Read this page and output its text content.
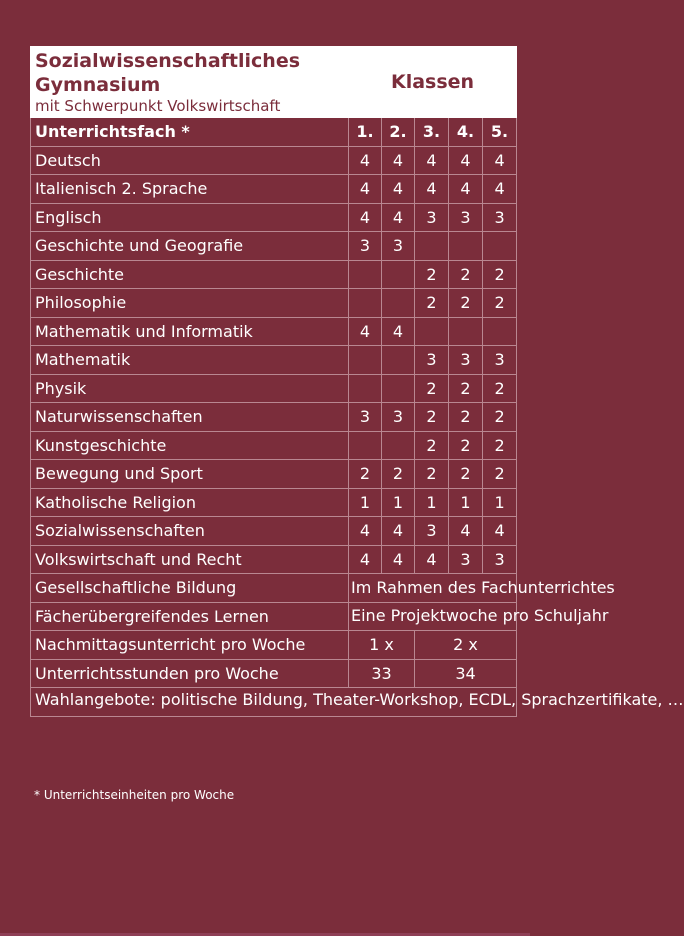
Sozialwissenschaftliches
Gymnasium
mit Schwerpunkt Volkswirtschaft	Klassen				
Unterrichtsfach *	1.	2.	3.	4.	5.
Deutsch	4	4	4	4	4
Italienisch 2. Sprache	4	4	4	4	4
Englisch	4	4	3	3	3
Geschichte und Geografie	3	3			
Geschichte			2	2	2
Philosophie			2	2	2
Mathematik und Informatik	4	4			
Mathematik			3	3	3
Physik			2	2	2
Naturwissenschaften	3	3	2	2	2
Kunstgeschichte			2	2	2
Bewegung und Sport	2	2	2	2	2
Katholische Religion	1	1	1	1	1
Sozialwissenschaften	4	4	3	4	4
Volkswirtschaft und Recht	4	4	4	3	3
Gesellschaftliche Bildung	Im Rahmen des Fachunterrichtes				
Fächerübergreifendes Lernen	Eine Projektwoche pro Schuljahr				
Nachmittagsunterricht pro Woche	1 x		2 x		
Unterrichtsstunden pro Woche	33		34		
Wahlangebote: politische Bildung, Theater-Workshop, ECDL, Sprachzertifikate, …					
* Unterrichtseinheiten pro Woche
